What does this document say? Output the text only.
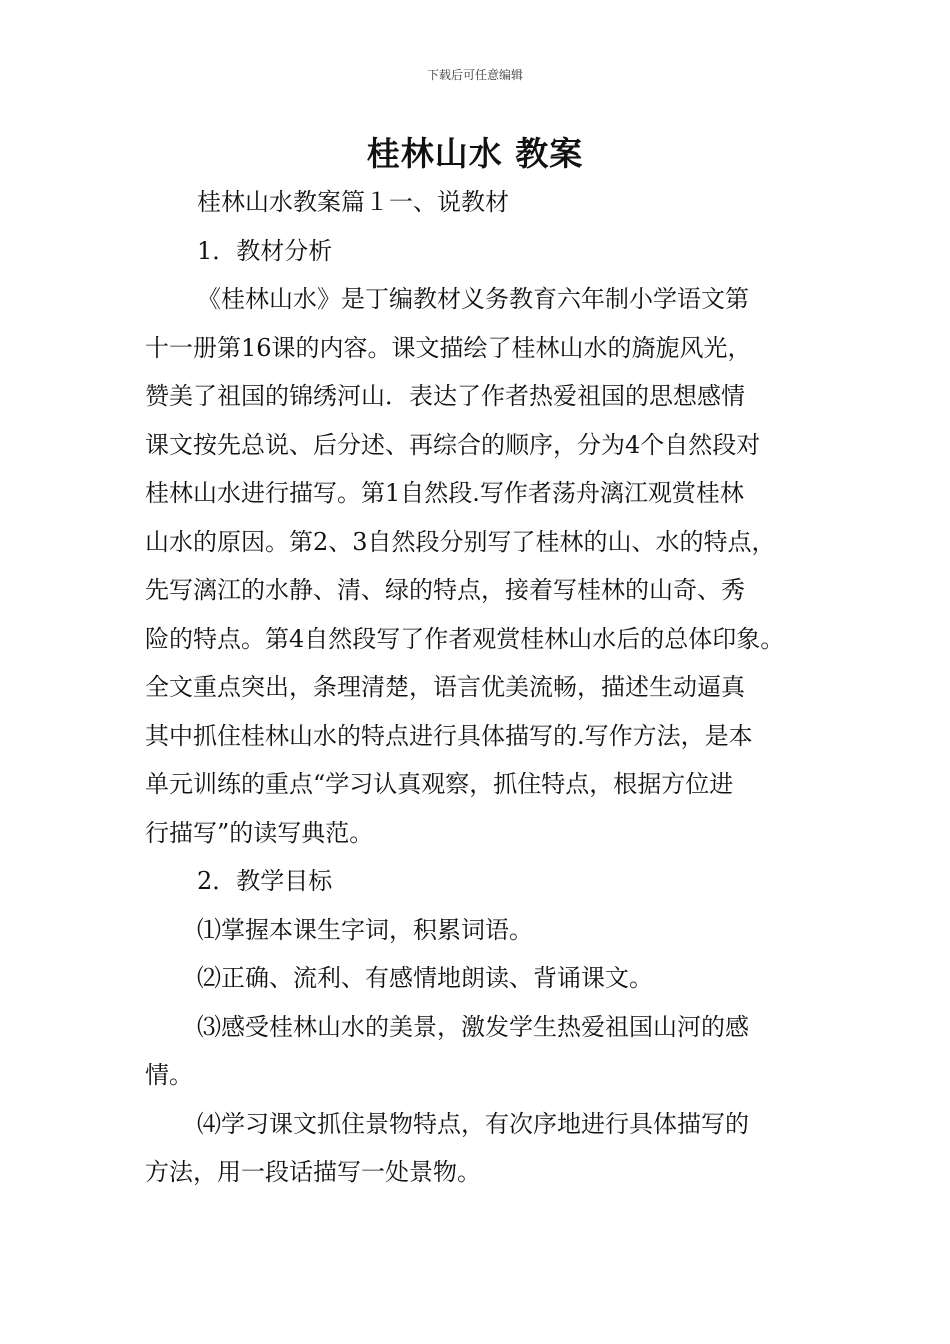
下载后可任意编辑
桂林山水 教案

桂林山水教案篇１一、说教材

1．教材分析

《桂林山水》是丁编教材义务教育六年制小学语文第

十一册第16课的内容。课文描绘了桂林山水的旖旎风光，

赞美了祖国的锦绣河山．表达了作者热爱祖国的思想感情

课文按先总说、后分述、再综合的顺序，分为4个自然段对

桂林山水进行描写。第1自然段.写作者荡舟漓江观赏桂林

山水的原因。第2、3自然段分别写了桂林的山、水的特点，

先写漓江的水静、清、绿的特点，接着写桂林的山奇、秀

险的特点。第4自然段写了作者观赏桂林山水后的总体印象。

全文重点突出，条理清楚，语言优美流畅，描述生动逼真

其中抓住桂林山水的特点进行具体描写的.写作方法，是本

单元训练的重点“学习认真观察，抓住特点，根据方位进

行描写”的读写典范。

2．教学目标

⑴掌握本课生字词，积累词语。

⑵正确、流利、有感情地朗读、背诵课文。

⑶感受桂林山水的美景，激发学生热爱祖国山河的感

情。

⑷学习课文抓住景物特点，有次序地进行具体描写的

方法，用一段话描写一处景物。
